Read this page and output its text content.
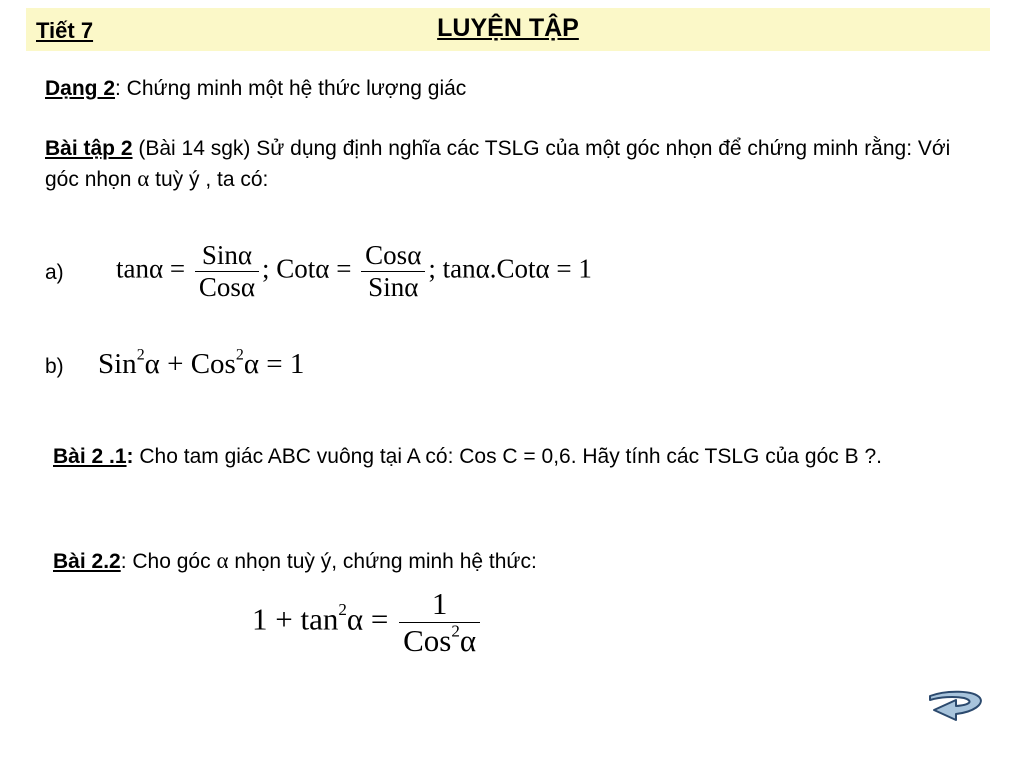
Tiết 7	LUYỆN TẬP
Dạng 2: Chứng minh một hệ thức lượng giác
Bài tập 2 (Bài 14 sgk) Sử dụng định nghĩa các TSLG của một góc nhọn để chứng minh rằng: Với góc nhọn α tuỳ ý , ta có:
a) $\tan\alpha = \frac{\text{Sinα}}{\text{Cosα}}$ ; $Cot\alpha = \frac{\text{Cosα}}{\text{Sinα}}$ ; tanα.Cotα = 1
b) Sin$^2$α + Cos$^2$α = 1
Bài 2 .1: Cho tam giác ABC vuông tại A có: Cos C = 0,6. Hãy tính các TSLG của góc B ?.
Bài 2.2: Cho góc α nhọn tuỳ ý, chứng minh hệ thức:
$1 + \tan^2\alpha = \frac{1}{Cos^2\alpha}$
